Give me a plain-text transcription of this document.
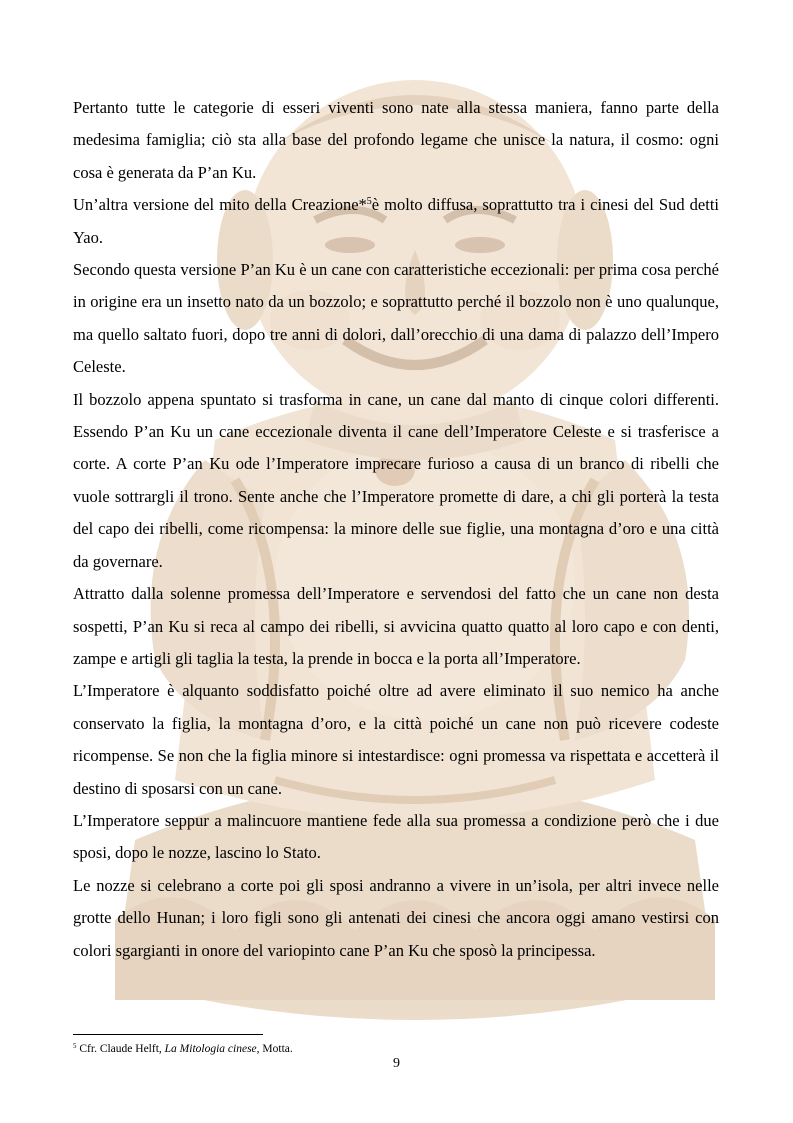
Pertanto tutte le categorie di esseri viventi sono nate alla stessa maniera, fanno parte della medesima famiglia; ciò sta alla base del profondo legame che unisce la natura, il cosmo: ogni cosa è generata da P’an Ku.

Un’altra versione del mito della Creazione*$^5$è molto diffusa, soprattutto tra i cinesi del Sud detti Yao.

Secondo questa versione P’an Ku è un cane con caratteristiche eccezionali: per prima cosa perché in origine era un insetto nato da un bozzolo; e soprattutto perché il bozzolo non è uno qualunque, ma quello saltato fuori, dopo tre anni di dolori, dall’orecchio di una dama di palazzo dell’Impero Celeste.

Il bozzolo appena spuntato si trasforma in cane, un cane dal manto di cinque colori differenti. Essendo P’an Ku un cane eccezionale diventa il cane dell’Imperatore Celeste e si trasferisce a corte. A corte P’an Ku ode l’Imperatore imprecare furioso a causa di un branco di ribelli che vuole sottrargli il trono. Sente anche che l’Imperatore promette di dare, a chi gli porterà la testa del capo dei ribelli, come ricompensa: la minore delle sue figlie, una montagna d’oro e una città da governare.

Attratto dalla solenne promessa dell’Imperatore e servendosi del fatto che un cane non desta sospetti, P’an Ku si reca al campo dei ribelli, si avvicina quatto quatto al loro capo e con denti, zampe e artigli gli taglia la testa, la prende in bocca e la porta all’Imperatore.

L’Imperatore è alquanto soddisfatto poiché oltre ad avere eliminato il suo nemico ha anche conservato la figlia, la montagna d’oro, e la città poiché un cane non può ricevere codeste ricompense. Se non che la figlia minore si intestardisce: ogni promessa va rispettata e accetterà il destino di sposarsi con un cane.

L’Imperatore seppur a malincuore mantiene fede alla sua promessa a condizione però che i due sposi, dopo le nozze, lascino lo Stato.

Le nozze si celebrano a corte poi gli sposi andranno a vivere in un’isola, per altri invece nelle grotte dello Hunan; i loro figli sono gli antenati dei cinesi che ancora oggi amano vestirsi con colori sgargianti in onore del variopinto cane P’an Ku che sposò la principessa.

$^5$ Cfr. Claude Helft, La Mitologia cinese, Motta.
9
